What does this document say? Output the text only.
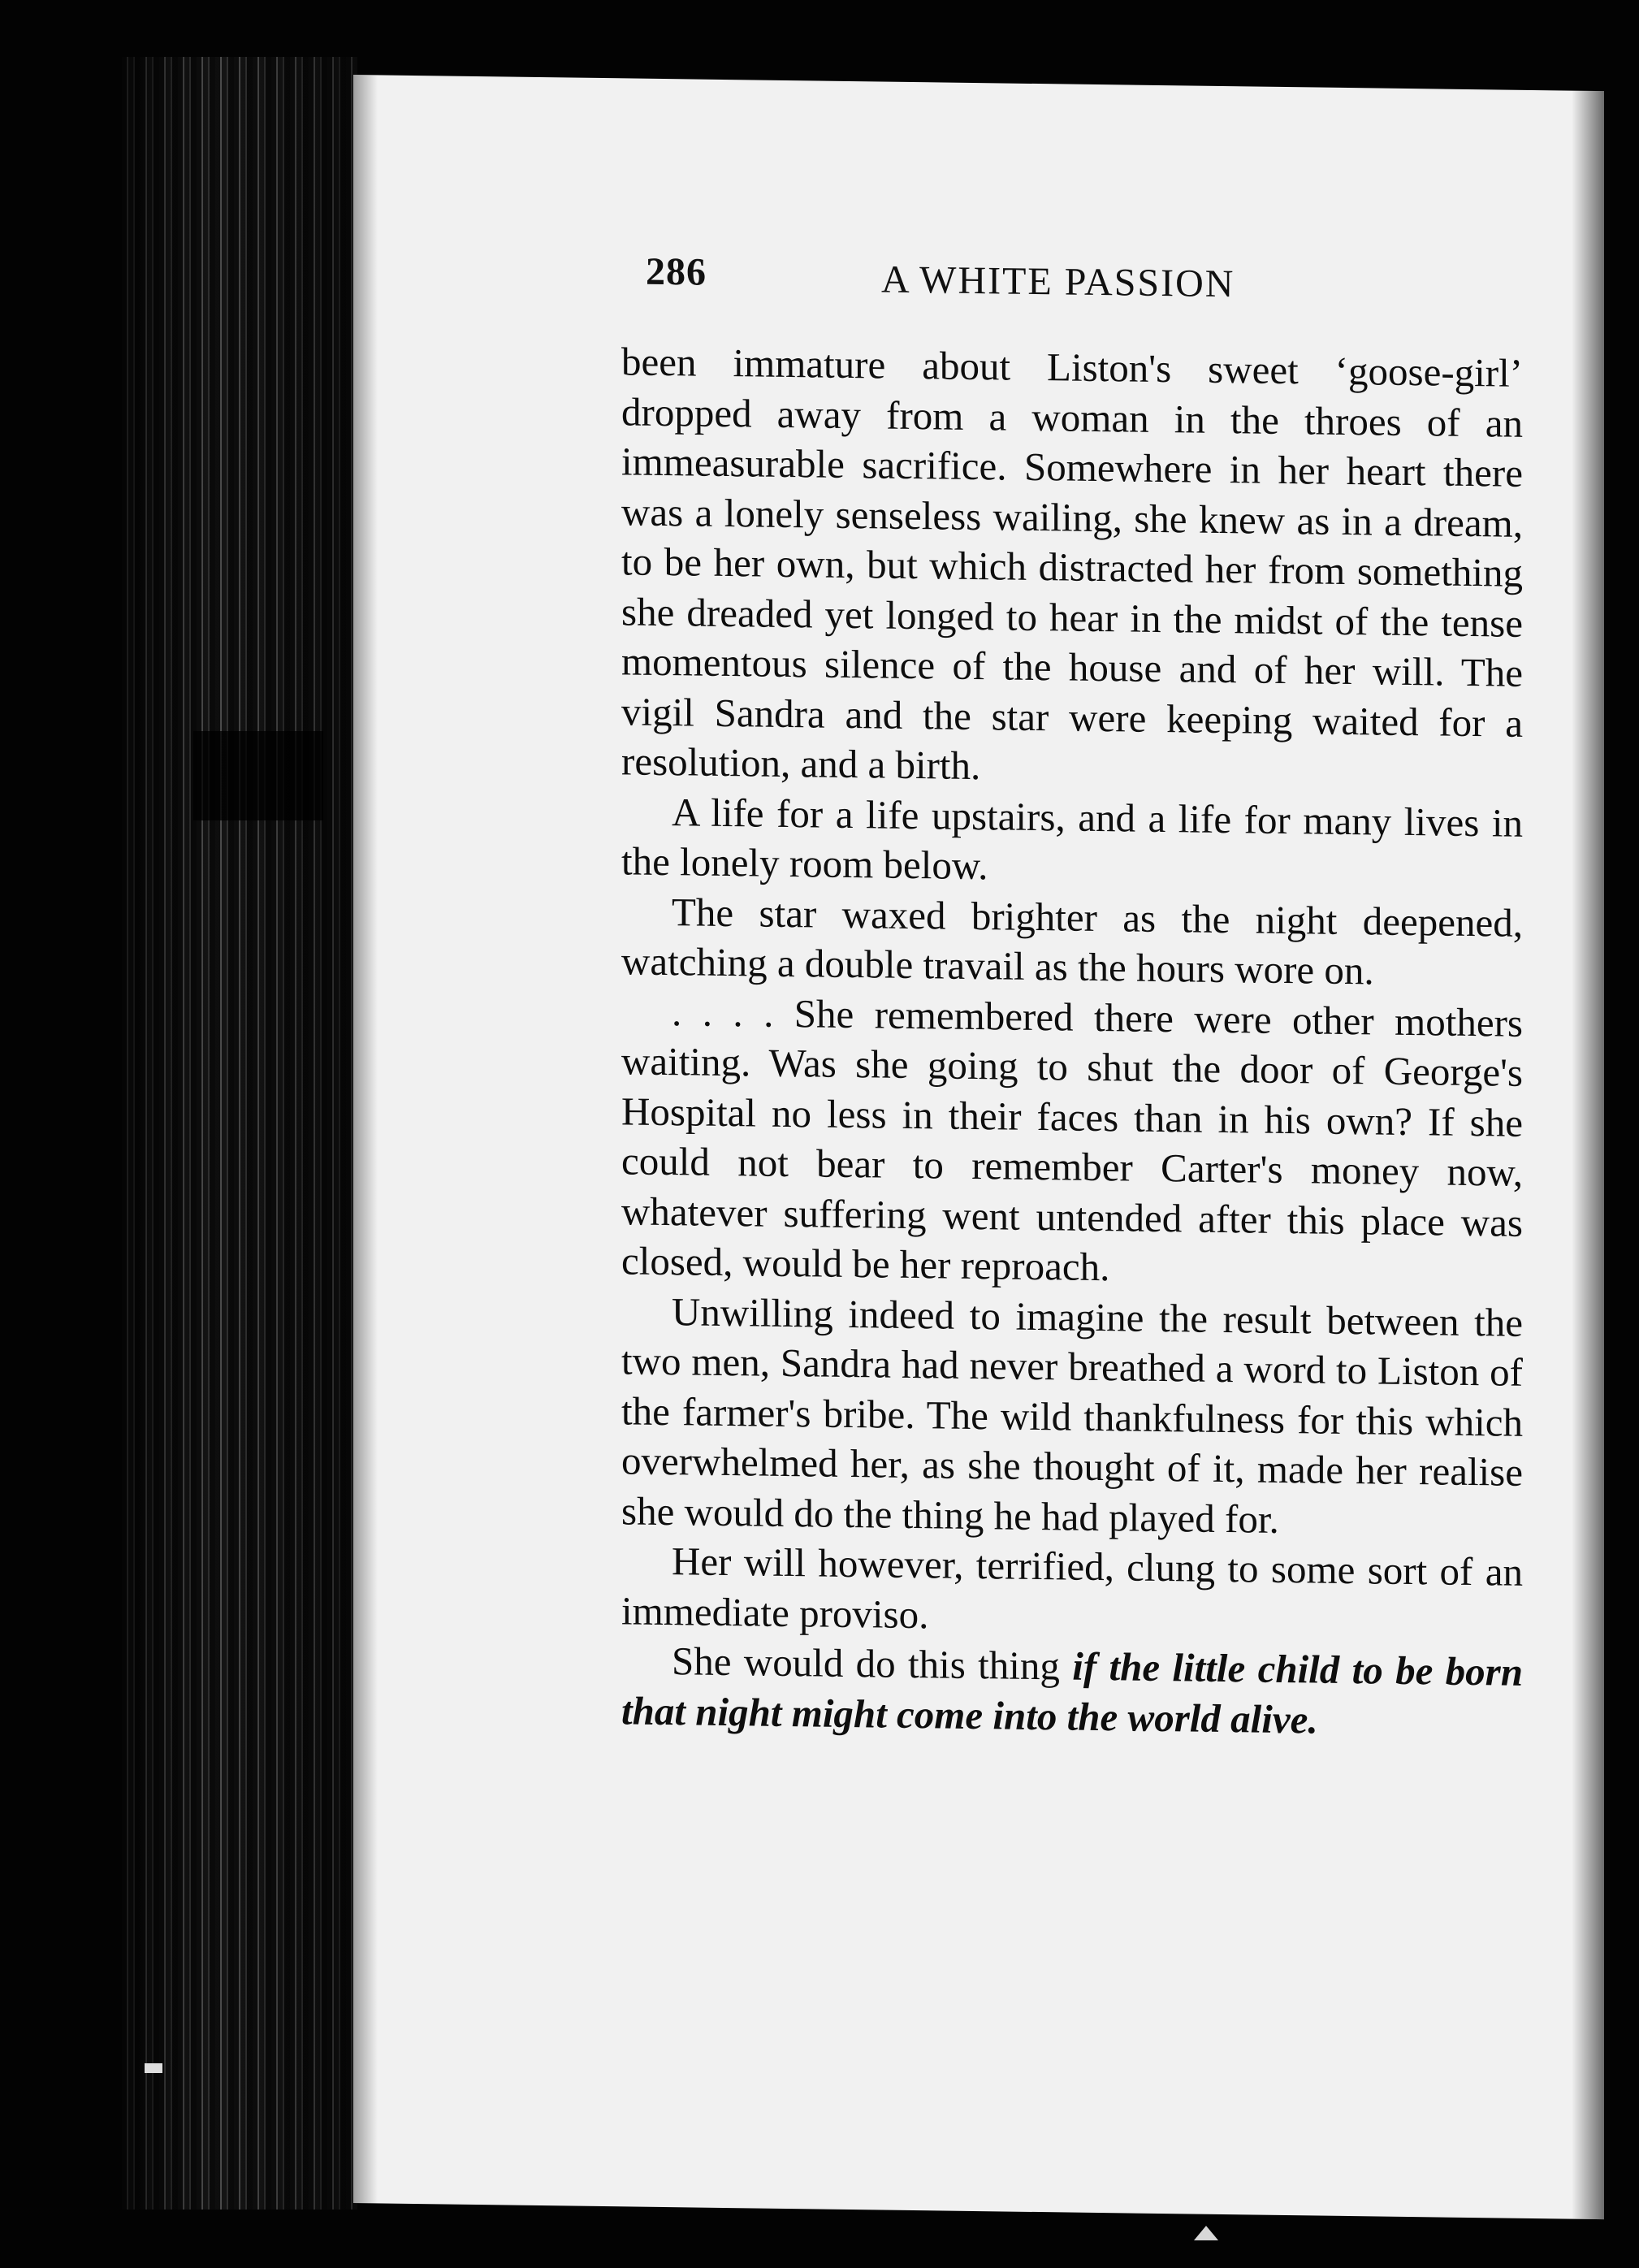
286	A WHITE PASSION

been immature about Liston's sweet ‘goose-girl’ dropped away from a woman in the throes of an immeasurable sacrifice. Somewhere in her heart there was a lonely senseless wailing, she knew as in a dream, to be her own, but which distracted her from something she dreaded yet longed to hear in the midst of the tense momentous silence of the house and of her will. The vigil Sandra and the star were keeping waited for a resolution, and a birth.

A life for a life upstairs, and a life for many lives in the lonely room below.

The star waxed brighter as the night deepened, watching a double travail as the hours wore on.

. . . . She remembered there were other mothers waiting. Was she going to shut the door of George's Hospital no less in their faces than in his own? If she could not bear to remember Carter's money now, whatever suffering went untended after this place was closed, would be her reproach.

Unwilling indeed to imagine the result between the two men, Sandra had never breathed a word to Liston of the farmer's bribe. The wild thankfulness for this which overwhelmed her, as she thought of it, made her realise she would do the thing he had played for.

Her will however, terrified, clung to some sort of an immediate proviso.

She would do this thing if the little child to be born that night might come into the world alive.
